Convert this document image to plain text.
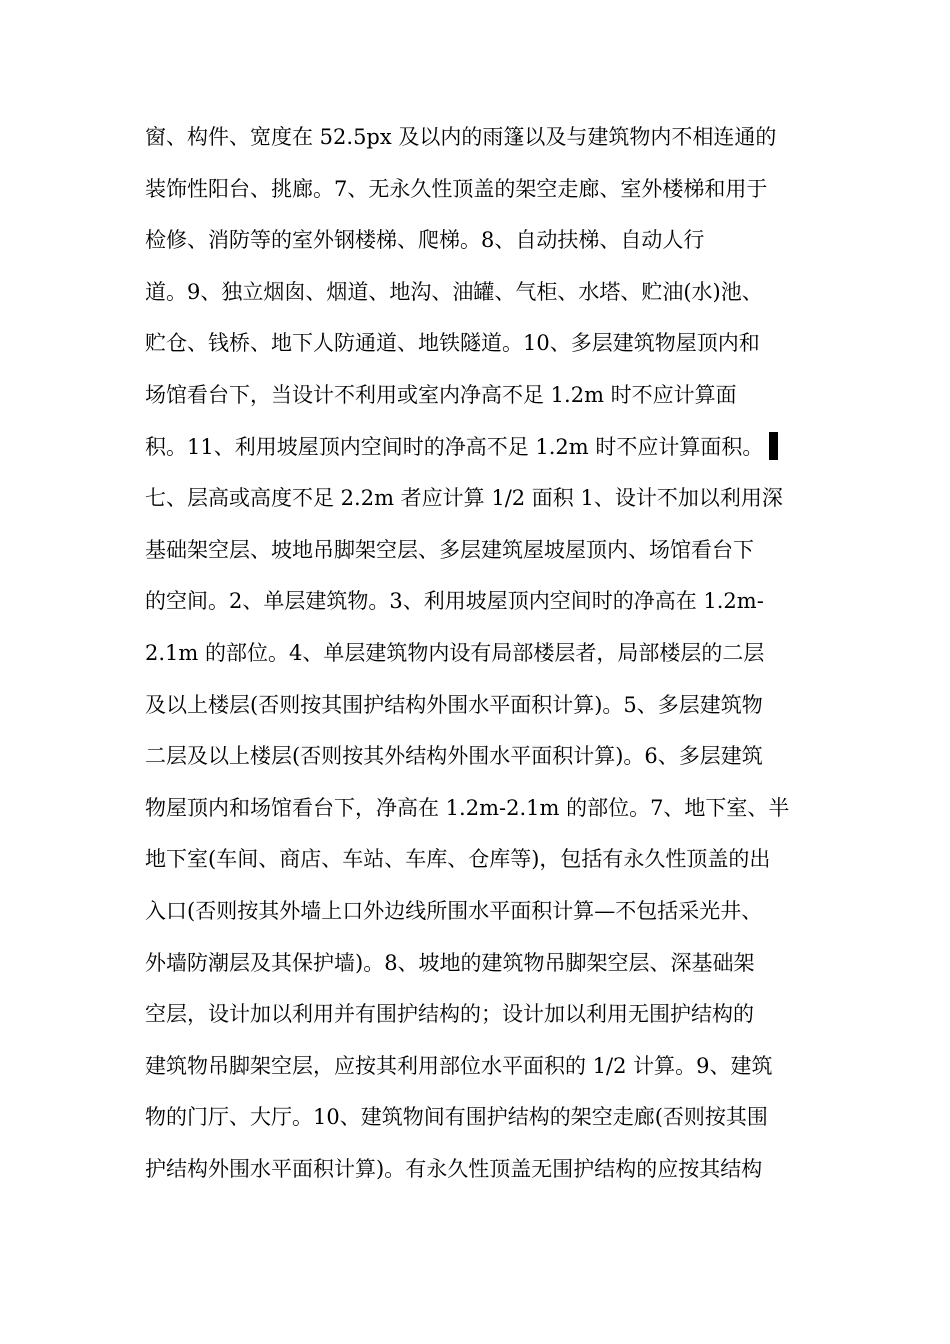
窗、构件、宽度在 52.5px 及以内的雨篷以及与建筑物内不相连通的
装饰性阳台、挑廊。7、无永久性顶盖的架空走廊、室外楼梯和用于
检修、消防等的室外钢楼梯、爬梯。8、自动扶梯、自动人行
道。9、独立烟囱、烟道、地沟、油罐、气柜、水塔、贮油(水)池、
贮仓、钱桥、地下人防通道、地铁隧道。10、多层建筑物屋顶内和
场馆看台下，当设计不利用或室内净高不足 1.2m 时不应计算面
积。11、利用坡屋顶内空间时的净高不足 1.2m 时不应计算面积。
七、层高或高度不足 2.2m 者应计算 1/2 面积 1、设计不加以利用深
基础架空层、坡地吊脚架空层、多层建筑屋坡屋顶内、场馆看台下
的空间。2、单层建筑物。3、利用坡屋顶内空间时的净高在 1.2m-
2.1m 的部位。4、单层建筑物内设有局部楼层者，局部楼层的二层
及以上楼层(否则按其围护结构外围水平面积计算)。5、多层建筑物
二层及以上楼层(否则按其外结构外围水平面积计算)。6、多层建筑
物屋顶内和场馆看台下，净高在 1.2m-2.1m 的部位。7、地下室、半
地下室(车间、商店、车站、车库、仓库等)，包括有永久性顶盖的出
入口(否则按其外墙上口外边线所围水平面积计算—不包括采光井、
外墙防潮层及其保护墙)。8、坡地的建筑物吊脚架空层、深基础架
空层，设计加以利用并有围护结构的；设计加以利用无围护结构的
建筑物吊脚架空层，应按其利用部位水平面积的 1/2 计算。9、建筑
物的门厅、大厅。10、建筑物间有围护结构的架空走廊(否则按其围
护结构外围水平面积计算)。有永久性顶盖无围护结构的应按其结构
